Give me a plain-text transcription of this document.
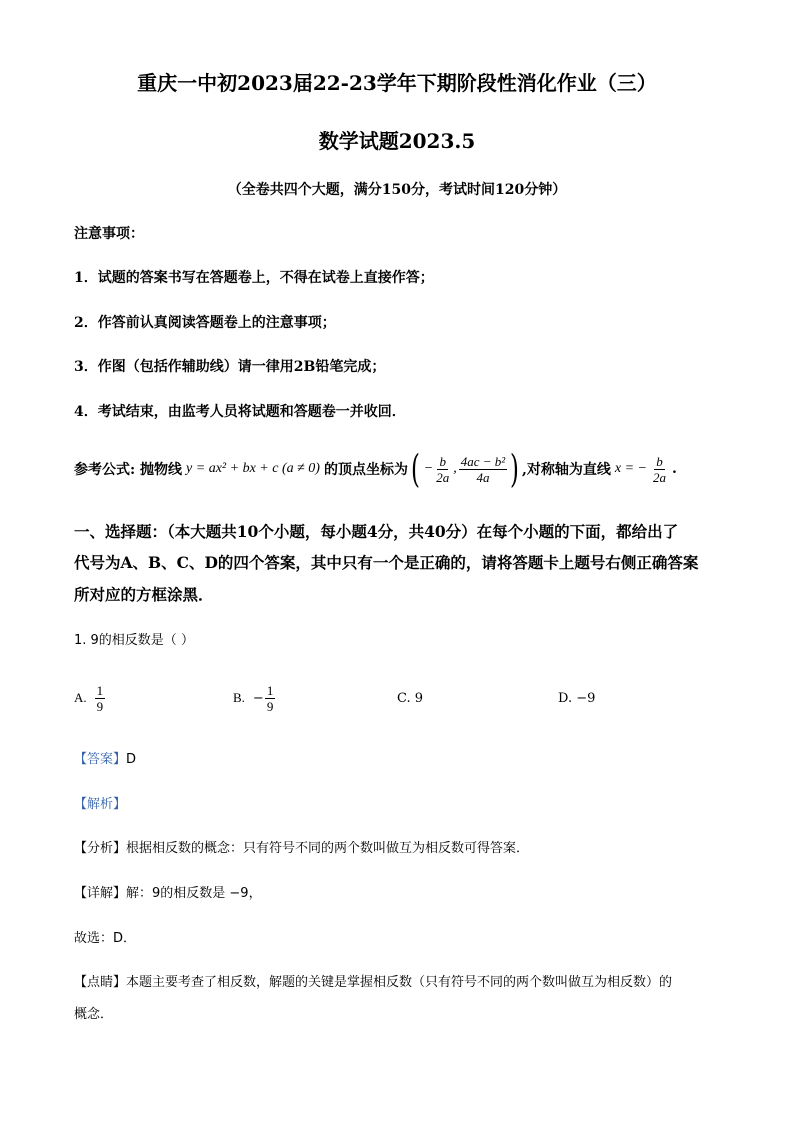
重庆一中初2023届22-23学年下期阶段性消化作业（三）
数学试题2023.5
（全卷共四个大题，满分150分，考试时间120分钟）
注意事项：
1．试题的答案书写在答题卷上，不得在试卷上直接作答；
2．作答前认真阅读答题卷上的注意事项；
3．作图（包括作辅助线）请一律用2B铅笔完成；
4．考试结束，由监考人员将试题和答题卷一并收回．
参考公式: 抛物线 y = ax² + bx + c (a ≠ 0) 的顶点坐标为 ( − $\frac{b}{2a}$ , $\frac{\text{4ac − b²}}{4a}$ ) ,对称轴为直线 x = − $\frac{b}{2a}$ .
一、选择题：（本大题共10个小题，每小题4分，共40分）在每个小题的下面，都给出了
代号为A、B、C、D的四个答案，其中只有一个是正确的，请将答题卡上题号右侧正确答案
所对应的方框涂黑．
1. 9的相反数是（ ）
A. $\frac{1}{9}$	B. − $\frac{1}{9}$	C. 9	D. −9
【答案】D
【解析】
【分析】根据相反数的概念：只有符号不同的两个数叫做互为相反数可得答案．
【详解】解：9的相反数是 −9，
故选：D．
【点睛】本题主要考查了相反数，解题的关键是掌握相反数（只有符号不同的两个数叫做互为相反数）的
概念．
